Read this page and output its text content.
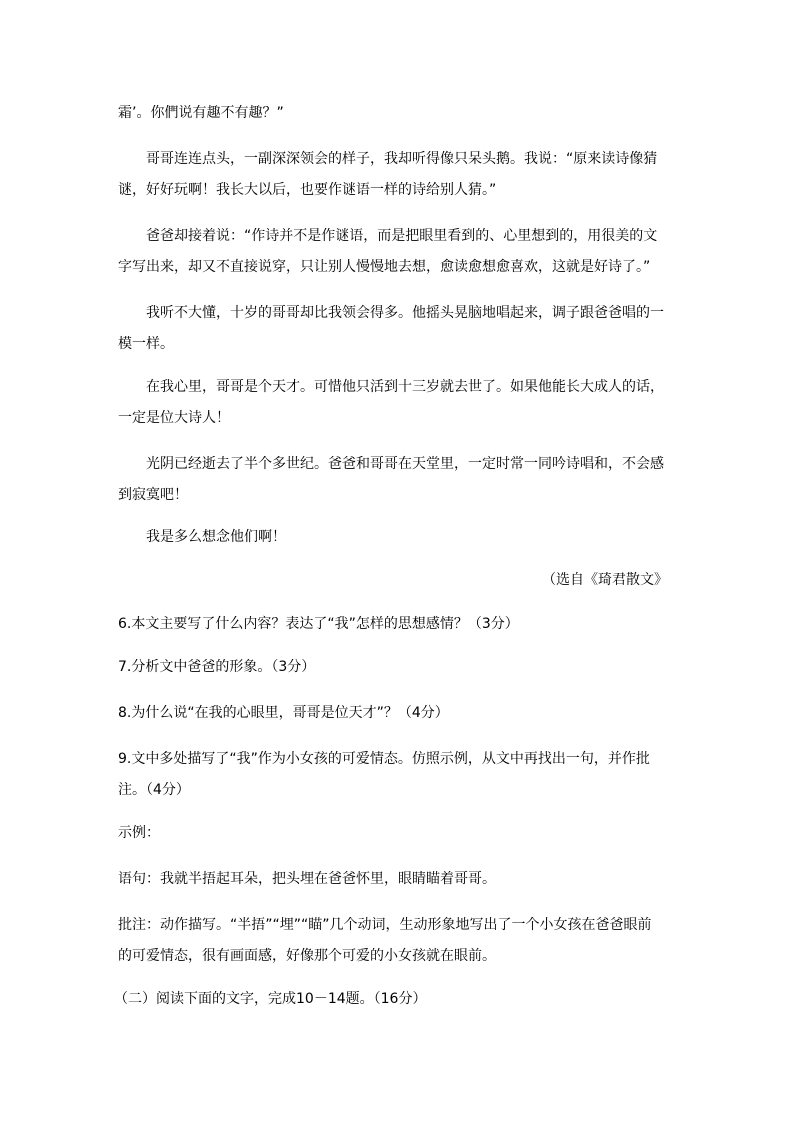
霜’。你們说有趣不有趣？”
哥哥连连点头，一副深深领会的样子，我却听得像只呆头鹅。我说：“原来读诗像猜
谜，好好玩啊！我长大以后，也要作谜语一样的诗给别人猜。”
爸爸却接着说：“作诗并不是作谜语，而是把眼里看到的、心里想到的，用很美的文
字写出来，却又不直接说穿，只让别人慢慢地去想，愈读愈想愈喜欢，这就是好诗了。”
我听不大懂，十岁的哥哥却比我领会得多。他摇头晃脑地唱起来，调子跟爸爸唱的一
模一样。
在我心里，哥哥是个天才。可惜他只活到十三岁就去世了。如果他能长大成人的话，
一定是位大诗人！
光阴已经逝去了半个多世纪。爸爸和哥哥在天堂里，一定时常一同吟诗唱和，不会感
到寂寞吧！
我是多么想念他们啊！
（选自《琦君散文》
6.本文主要写了什么内容？表达了“我”怎样的思想感情？（3分）
7.分析文中爸爸的形象。（3分）
8.为什么说“在我的心眼里，哥哥是位天才”？（4分）
9.文中多处描写了“我”作为小女孩的可爱情态。仿照示例，从文中再找出一句，并作批
注。（4分）
示例：
语句：我就半捂起耳朵，把头埋在爸爸怀里，眼睛瞄着哥哥。
批注：动作描写。“半捂”“埋”“瞄”几个动词，生动形象地写出了一个小女孩在爸爸眼前
的可爱情态，很有画面感，好像那个可爱的小女孩就在眼前。
（二）阅读下面的文字，完成10－14题。（16分）
